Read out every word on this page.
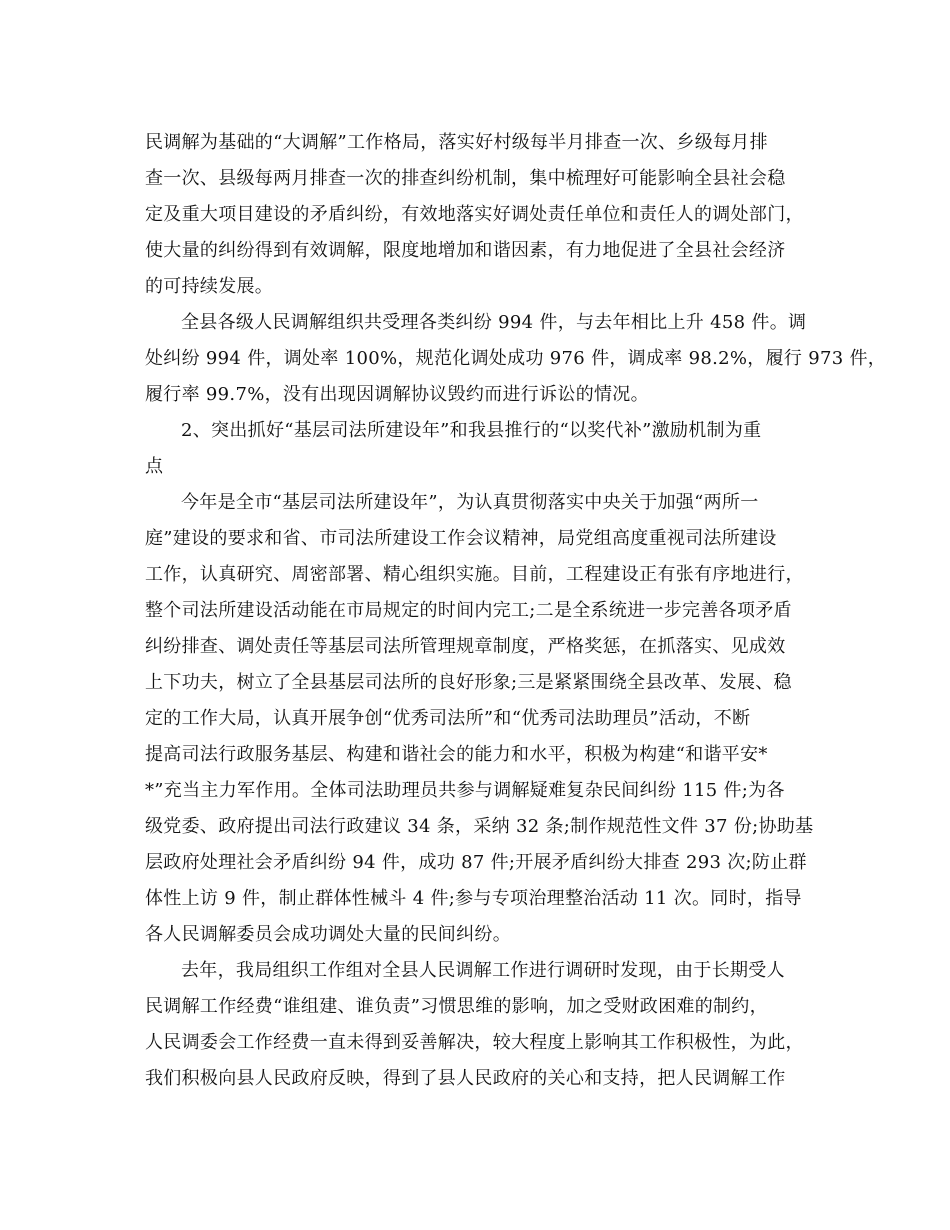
民调解为基础的“大调解”工作格局，落实好村级每半月排查一次、乡级每月排
查一次、县级每两月排查一次的排查纠纷机制，集中梳理好可能影响全县社会稳
定及重大项目建设的矛盾纠纷，有效地落实好调处责任单位和责任人的调处部门，
使大量的纠纷得到有效调解，限度地增加和谐因素，有力地促进了全县社会经济
的可持续发展。
全县各级人民调解组织共受理各类纠纷 994 件，与去年相比上升 458 件。调
处纠纷 994 件，调处率 100%，规范化调处成功 976 件，调成率 98.2%，履行 973 件，
履行率 99.7%，没有出现因调解协议毁约而进行诉讼的情况。
2、突出抓好“基层司法所建设年”和我县推行的“以奖代补”激励机制为重
点
今年是全市“基层司法所建设年”，为认真贯彻落实中央关于加强“两所一
庭”建设的要求和省、市司法所建设工作会议精神，局党组高度重视司法所建设
工作，认真研究、周密部署、精心组织实施。目前，工程建设正有张有序地进行，
整个司法所建设活动能在市局规定的时间内完工;二是全系统进一步完善各项矛盾
纠纷排查、调处责任等基层司法所管理规章制度，严格奖惩，在抓落实、见成效
上下功夫，树立了全县基层司法所的良好形象;三是紧紧围绕全县改革、发展、稳
定的工作大局，认真开展争创“优秀司法所”和“优秀司法助理员”活动，不断
提高司法行政服务基层、构建和谐社会的能力和水平，积极为构建“和谐平安*
*”充当主力军作用。全体司法助理员共参与调解疑难复杂民间纠纷 115 件;为各
级党委、政府提出司法行政建议 34 条，采纳 32 条;制作规范性文件 37 份;协助基
层政府处理社会矛盾纠纷 94 件，成功 87 件;开展矛盾纠纷大排查 293 次;防止群
体性上访 9 件，制止群体性械斗 4 件;参与专项治理整治活动 11 次。同时，指导
各人民调解委员会成功调处大量的民间纠纷。
去年，我局组织工作组对全县人民调解工作进行调研时发现，由于长期受人
民调解工作经费“谁组建、谁负责”习惯思维的影响，加之受财政困难的制约，
人民调委会工作经费一直未得到妥善解决，较大程度上影响其工作积极性，为此，
我们积极向县人民政府反映，得到了县人民政府的关心和支持，把人民调解工作
